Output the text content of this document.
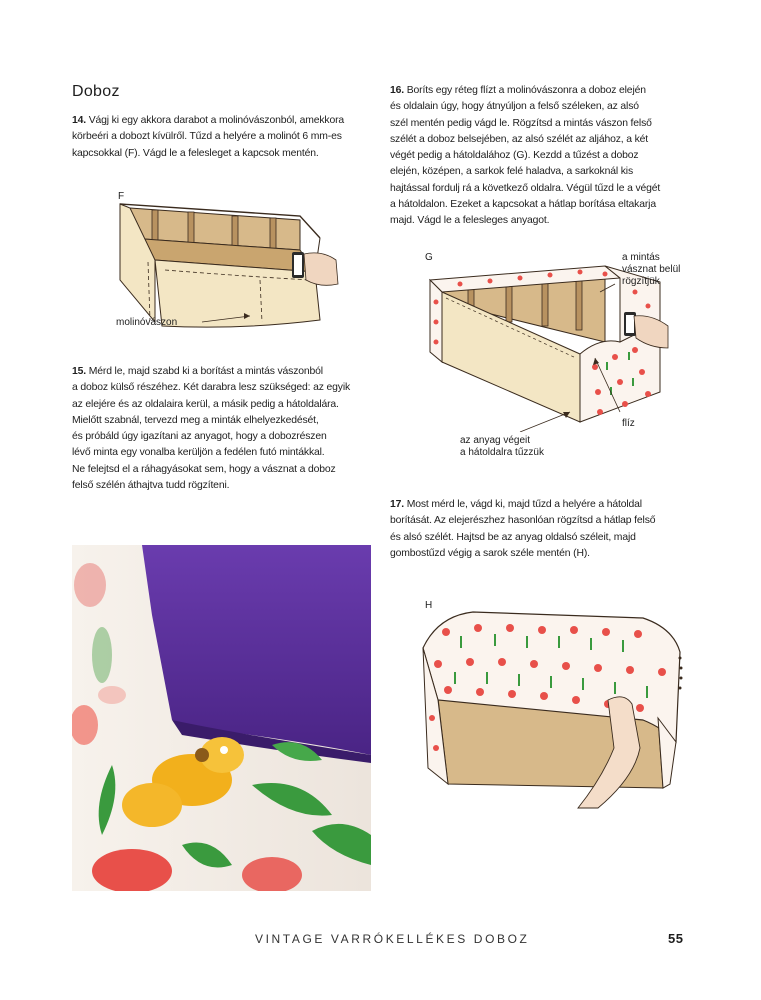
Doboz
14. Vágj ki egy akkora darabot a molinóvászonból, amekkora
körbeéri a dobozt kívülről. Tűzd a helyére a molinót 6 mm-es
kapcsokkal (F). Vágd le a felesleget a kapcsok mentén.
F
molinóvászon
15. Mérd le, majd szabd ki a borítást a mintás vászonból
a doboz külső részéhez. Két darabra lesz szükséged: az egyik
az elejére és az oldalaira kerül, a másik pedig a hátoldalára.
Mielőtt szabnál, tervezd meg a minták elhelyezkedését,
és próbáld úgy igazítani az anyagot, hogy a dobozrészen
lévő minta egy vonalba kerüljön a fedélen futó mintákkal.
Ne felejtsd el a ráhagyásokat sem, hogy a vásznat a doboz
felső szélén áthajtva tudd rögzíteni.
16. Boríts egy réteg flízt a molinóvászonra a doboz elején
és oldalain úgy, hogy átnyúljon a felső széleken, az alsó
szél mentén pedig vágd le. Rögzítsd a mintás vászon felső
szélét a doboz belsejében, az alsó szélét az aljához, a két
végét pedig a hátoldalához (G). Kezdd a tűzést a doboz
elején, középen, a sarkok felé haladva, a sarkoknál kis
hajtással fordulj rá a következő oldalra. Végül tűzd le a végét
a hátoldalon. Ezeket a kapcsokat a hátlap borítása eltakarja
majd. Vágd le a felesleges anyagot.
G	a mintás
vásznat belül
rögzítjük
flíz
az anyag végeit
a hátoldalra tűzzük
17. Most mérd le, vágd ki, majd tűzd a helyére a hátoldal
borítását. Az elejerészhez hasonlóan rögzítsd a hátlap felső
és alsó szélét. Hajtsd be az anyag oldalsó széleit, majd
gombostűzd végig a sarok széle mentén (H).
H
VINTAGE VARRÓKELLÉKES DOBOZ	55
